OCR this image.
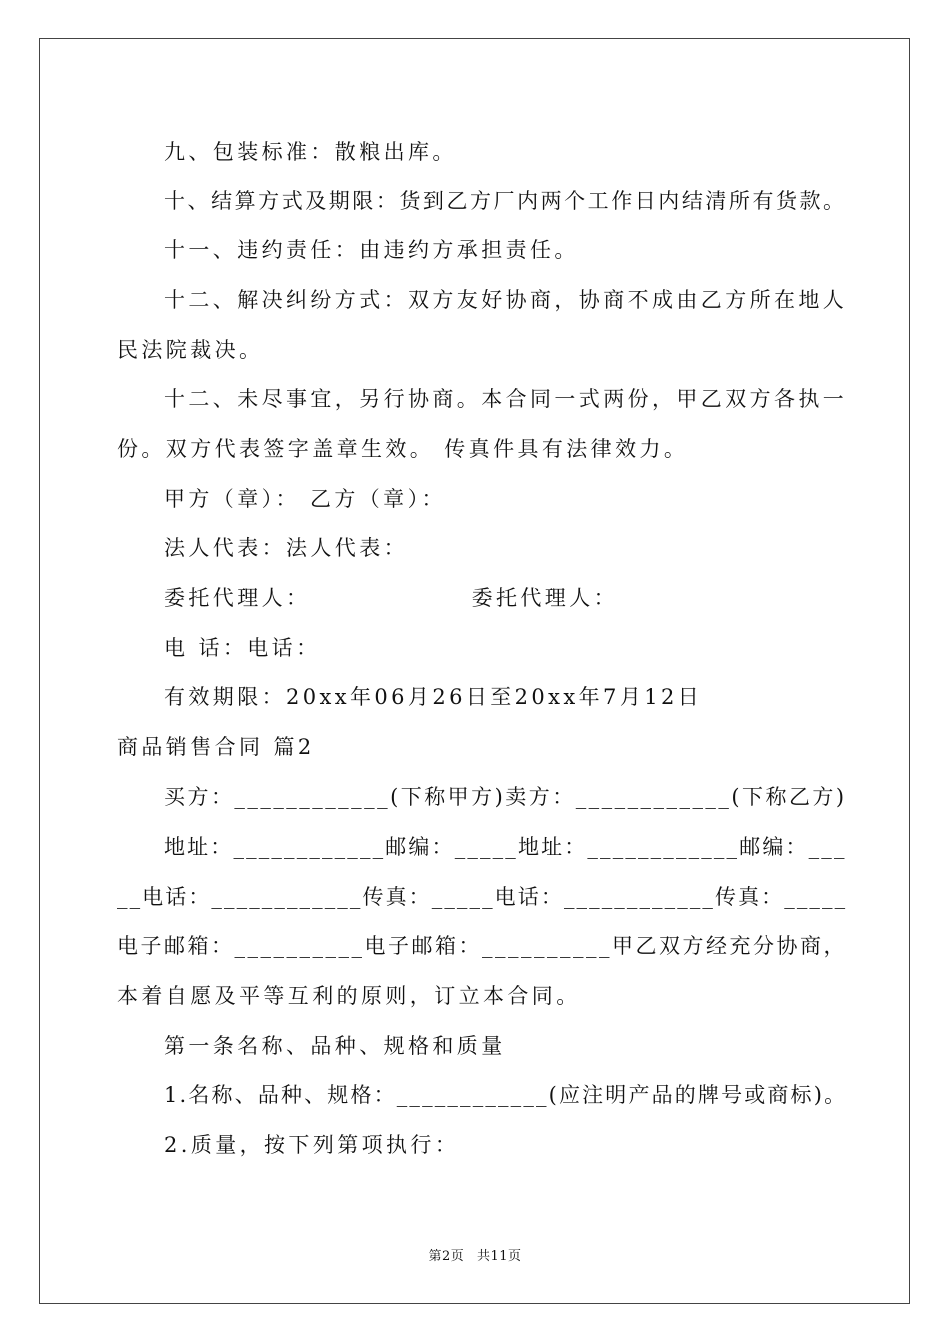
九、包装标准：散粮出库。
十、结算方式及期限：货到乙方厂内两个工作日内结清所有货款。
十一、违约责任：由违约方承担责任。
十二、解决纠纷方式：双方友好协商，协商不成由乙方所在地人
民法院裁决。
十二、未尽事宜，另行协商。本合同一式两份，甲乙双方各执一
份。双方代表签字盖章生效。 传真件具有法律效力。
甲方（章）： 乙方（章）：
法人代表：法人代表：
委托代理人：                委托代理人：
电 话：电话：
有效期限：20xx年06月26日至20xx年7月12日
商品销售合同 篇2
买方：____________(下称甲方)卖方：____________(下称乙方)
地址：____________邮编：_____地址：____________邮编：___
__电话：____________传真：_____电话：____________传真：_____
电子邮箱：__________电子邮箱：__________甲乙双方经充分协商，
本着自愿及平等互利的原则，订立本合同。
第一条名称、品种、规格和质量
1.名称、品种、规格：____________(应注明产品的牌号或商标)。
2.质量，按下列第项执行：
第2页 共11页
